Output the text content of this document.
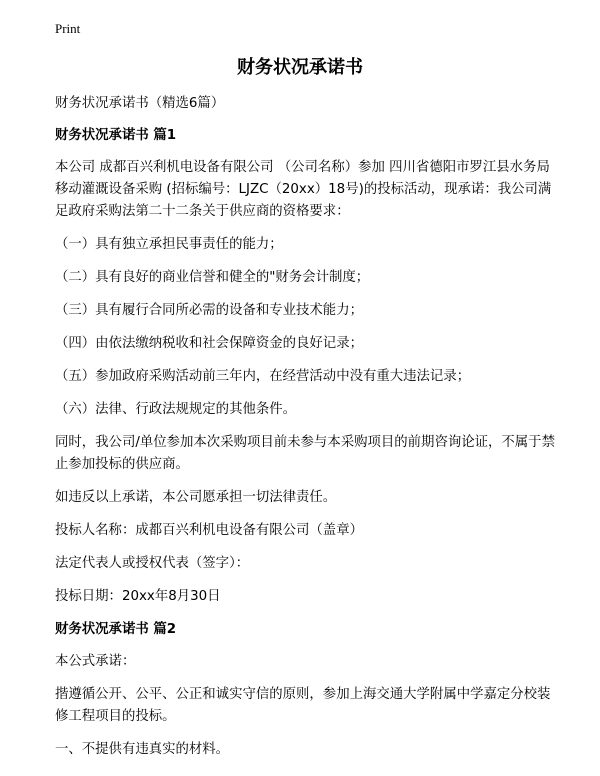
Print
财务状况承诺书

财务状况承诺书（精选6篇）

财务状况承诺书 篇1

本公司 成都百兴利机电设备有限公司 （公司名称）参加 四川省德阳市罗江县水务局移动灌溉设备采购 (招标编号：LJZC（20xx）18号)的投标活动，现承诺：我公司满足政府采购法第二十二条关于供应商的资格要求：

（一）具有独立承担民事责任的能力；

（二）具有良好的商业信誉和健全的"财务会计制度；

（三）具有履行合同所必需的设备和专业技术能力；

（四）由依法缴纳税收和社会保障资金的良好记录；

（五）参加政府采购活动前三年内，在经营活动中没有重大违法记录；

（六）法律、行政法规规定的其他条件。

同时，我公司/单位参加本次采购项目前未参与本采购项目的前期咨询论证，不属于禁止参加投标的供应商。

如违反以上承诺，本公司愿承担一切法律责任。

投标人名称：成都百兴利机电设备有限公司（盖章）

法定代表人或授权代表（签字）：

投标日期：20xx年8月30日

财务状况承诺书 篇2

本公式承诺：

揩遵循公开、公平、公正和诚实守信的原则，参加上海交通大学附属中学嘉定分校装修工程项目的投标。

一、不提供有违真实的材料。
